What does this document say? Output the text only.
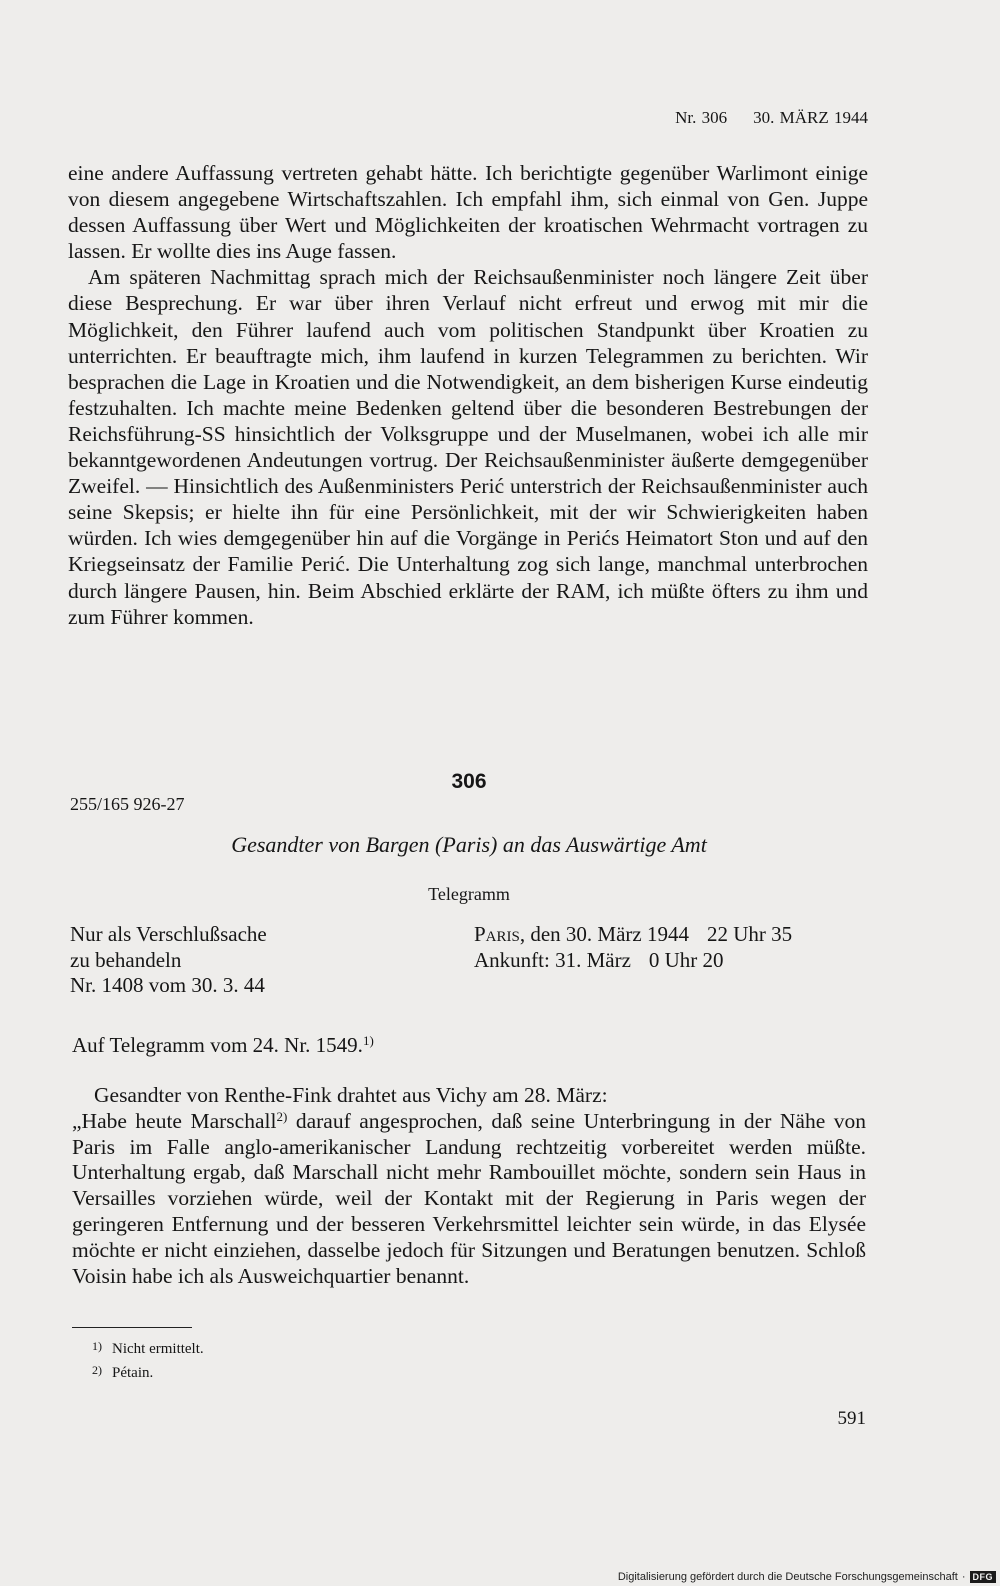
Nr. 306 30. MÄRZ 1944

eine andere Auffassung vertreten gehabt hätte. Ich berichtigte gegenüber Warlimont einige von diesem angegebene Wirtschaftszahlen. Ich empfahl ihm, sich einmal von Gen. Juppe dessen Auffassung über Wert und Möglichkeiten der kroatischen Wehrmacht vortragen zu lassen. Er wollte dies ins Auge fassen.

Am späteren Nachmittag sprach mich der Reichsaußenminister noch längere Zeit über diese Besprechung. Er war über ihren Verlauf nicht erfreut und erwog mit mir die Möglichkeit, den Führer laufend auch vom politischen Standpunkt über Kroatien zu unterrichten. Er beauftragte mich, ihm laufend in kurzen Telegrammen zu berichten. Wir besprachen die Lage in Kroatien und die Notwendigkeit, an dem bisherigen Kurse eindeutig festzuhalten. Ich machte meine Bedenken geltend über die besonderen Bestrebungen der Reichsführung-SS hinsichtlich der Volksgruppe und der Muselmanen, wobei ich alle mir bekanntgewordenen Andeutungen vortrug. Der Reichsaußenminister äußerte demgegenüber Zweifel. — Hinsichtlich des Außenministers Perić unterstrich der Reichsaußenminister auch seine Skepsis; er hielte ihn für eine Persönlichkeit, mit der wir Schwierigkeiten haben würden. Ich wies demgegenüber hin auf die Vorgänge in Perićs Heimatort Ston und auf den Kriegseinsatz der Familie Perić. Die Unterhaltung zog sich lange, manchmal unterbrochen durch längere Pausen, hin. Beim Abschied erklärte der RAM, ich müßte öfters zu ihm und zum Führer kommen.

306
255/165 926-27
Gesandter von Bargen (Paris) an das Auswärtige Amt
Telegramm
Nur als Verschlußsache
zu behandeln
Nr. 1408 vom 30. 3. 44
Paris, den 30. März 1944 22 Uhr 35
Ankunft: 31. März 0 Uhr 20
Auf Telegramm vom 24. Nr. 1549.$^{1)}$

Gesandter von Renthe-Fink drahtet aus Vichy am 28. März:

„Habe heute Marschall$^{2)}$ darauf angesprochen, daß seine Unterbringung in der Nähe von Paris im Falle anglo-amerikanischer Landung rechtzeitig vorbereitet werden müßte. Unterhaltung ergab, daß Marschall nicht mehr Rambouillet möchte, sondern sein Haus in Versailles vorziehen würde, weil der Kontakt mit der Regierung in Paris wegen der geringeren Entfernung und der besseren Verkehrsmittel leichter sein würde, in das Elysée möchte er nicht einziehen, dasselbe jedoch für Sitzungen und Beratungen benutzen. Schloß Voisin habe ich als Ausweichquartier benannt.

1) Nicht ermittelt.
2) Pétain.
591
Digitalisierung gefördert durch die Deutsche Forschungsgemeinschaft · DFG
